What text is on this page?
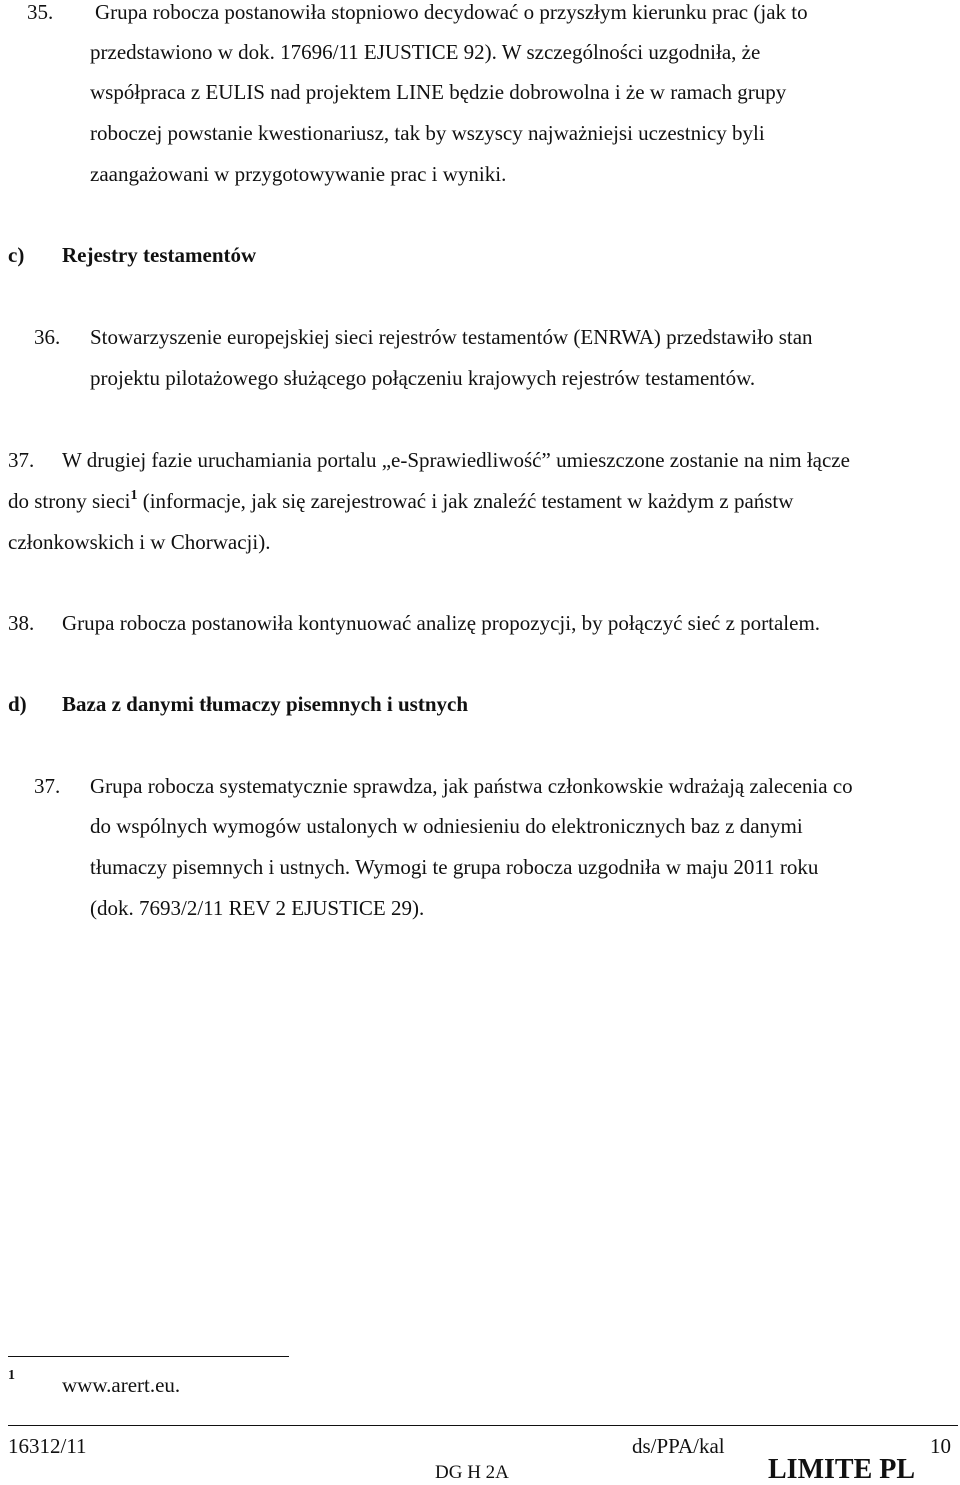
35. Grupa robocza postanowiła stopniowo decydować o przyszłym kierunku prac (jak to
przedstawiono w dok. 17696/11 EJUSTICE 92). W szczególności uzgodniła, że
współpraca z EULIS nad projektem LINE będzie dobrowolna i że w ramach grupy
roboczej powstanie kwestionariusz, tak by wszyscy najważniejsi uczestnicy byli
zaangażowani w przygotowywanie prac i wyniki.
c) Rejestry testamentów
36. Stowarzyszenie europejskiej sieci rejestrów testamentów (ENRWA) przedstawiło stan
projektu pilotażowego służącego połączeniu krajowych rejestrów testamentów.
37. W drugiej fazie uruchamiania portalu „e-Sprawiedliwość” umieszczone zostanie na nim łącze
do strony sieci$^1$ (informacje, jak się zarejestrować i jak znaleźć testament w każdym z państw
członkowskich i w Chorwacji).
38. Grupa robocza postanowiła kontynuować analizę propozycji, by połączyć sieć z portalem.
d) Baza z danymi tłumaczy pisemnych i ustnych
37. Grupa robocza systematycznie sprawdza, jak państwa członkowskie wdrażają zalecenia co
do wspólnych wymogów ustalonych w odniesieniu do elektronicznych baz z danymi
tłumaczy pisemnych i ustnych. Wymogi te grupa robocza uzgodniła w maju 2011 roku
(dok. 7693/2/11 REV 2 EJUSTICE 29).
1 www.arert.eu.
16312/11	ds/PPA/kal	10
DG H 2A	LIMITE PL
